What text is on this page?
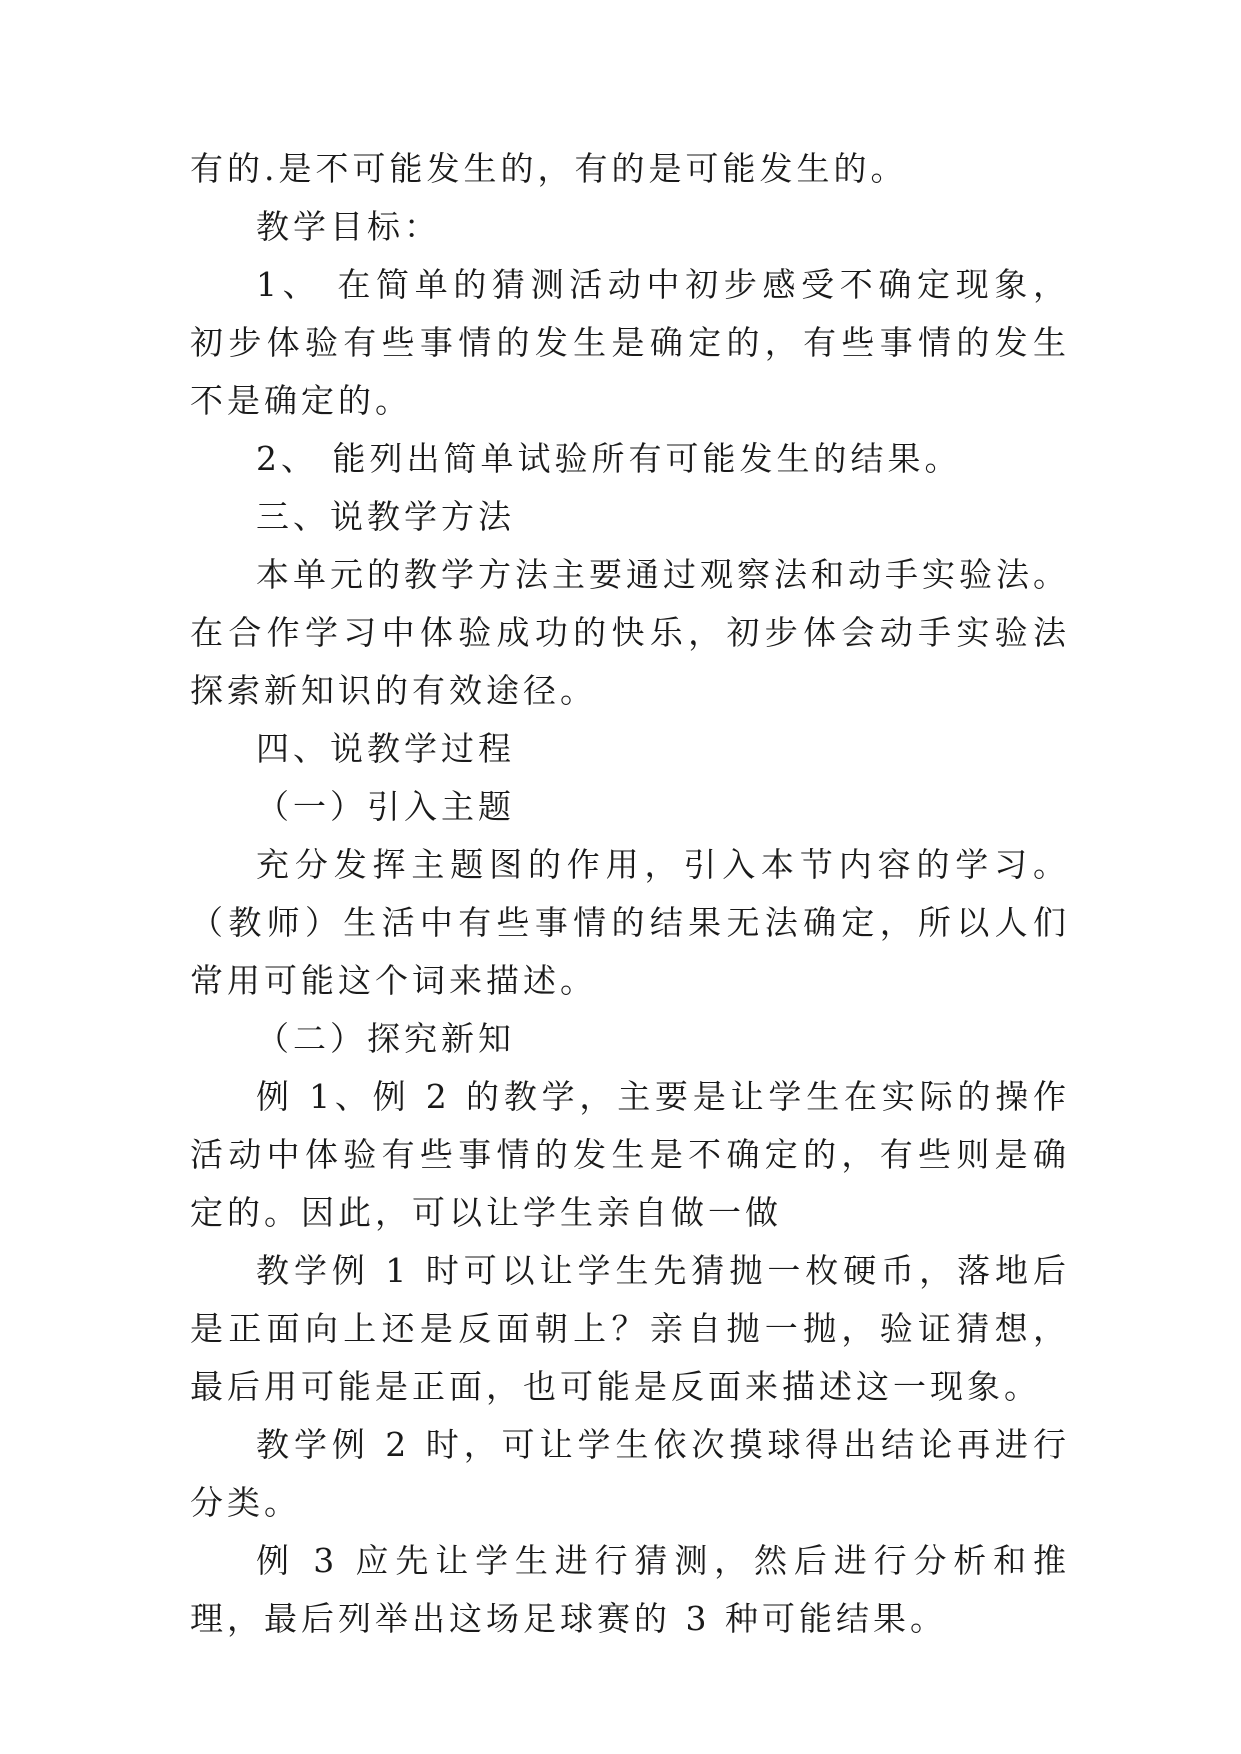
有的.是不可能发生的，有的是可能发生的。

教学目标：

1、 在简单的猜测活动中初步感受不确定现象，初步体验有些事情的发生是确定的，有些事情的发生不是确定的。

2、 能列出简单试验所有可能发生的结果。

三、说教学方法

本单元的教学方法主要通过观察法和动手实验法。在合作学习中体验成功的快乐，初步体会动手实验法探索新知识的有效途径。

四、说教学过程

（一）引入主题

充分发挥主题图的作用，引入本节内容的学习。（教师）生活中有些事情的结果无法确定，所以人们常用可能这个词来描述。

（二）探究新知

例 1、例 2 的教学，主要是让学生在实际的操作活动中体验有些事情的发生是不确定的，有些则是确定的。因此，可以让学生亲自做一做

教学例 1 时可以让学生先猜抛一枚硬币，落地后是正面向上还是反面朝上？亲自抛一抛，验证猜想，最后用可能是正面，也可能是反面来描述这一现象。

教学例 2 时，可让学生依次摸球得出结论再进行分类。

例 3 应先让学生进行猜测，然后进行分析和推理，最后列举出这场足球赛的 3 种可能结果。
